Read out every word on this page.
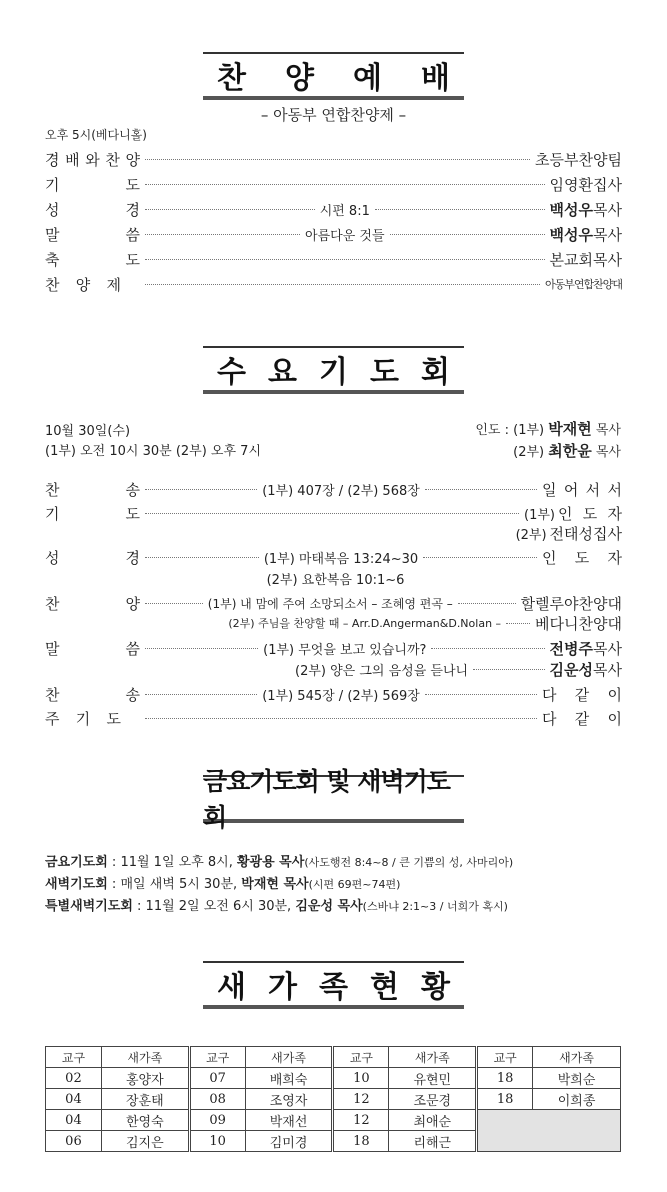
찬 양 예 배
– 아동부 연합찬양제 –
오후 5시(베다니홀)
경 배 와 찬 양	초등부찬양팀
기	도	임영환집사
성	경	시편 8:1	백성우목사
말	씀	아름다운 것들	백성우목사
축	도	본교회목사
찬 양 제	아동부연합찬양대
수 요 기 도 회
10월 30일(수)
(1부) 오전 10시 30분 (2부) 오후 7시
인도 : (1부) 박재현 목사
(2부) 최한윤 목사
찬	송	(1부) 407장 / (2부) 568장	일 어 서 서
기	도	(1부) 인 도 자
(2부) 전태성집사
성	경	(1부) 마태복음 13:24~30	인 도 자
(2부) 요한복음 10:1~6
찬	양	(1부) 내 맘에 주여 소망되소서 – 조혜영 편곡 –	할렐루야찬양대
(2부) 주님을 찬양할 때 – Arr.D.Angerman&D.Nolan – 베다니찬양대
말	씀	(1부) 무엇을 보고 있습니까?	전병주목사
(2부) 양은 그의 음성을 듣나니	김운성목사
찬	송	(1부) 545장 / (2부) 569장	다 같 이
주 기 도	다 같 이
금요기도회 및 새벽기도회
금요기도회 : 11월 1일 오후 8시, 황광용 목사(사도행전 8:4~8 / 큰 기쁨의 성, 사마리아)
새벽기도회 : 매일 새벽 5시 30분, 박재현 목사(시편 69편~74편)
특별새벽기도회 : 11월 2일 오전 6시 30분, 김운성 목사(스바냐 2:1~3 / 너희가 혹시)
새 가 족 현 황
교구	새가족	교구	새가족	교구	새가족	교구	새가족
02	홍양자	07	배희숙	10	유현민	18	박희순
04	장훈태	08	조영자	12	조문경	18	이희종
04	한영숙	09	박재선	12	최애순		
06	김지은	10	김미경	18	리해근		
